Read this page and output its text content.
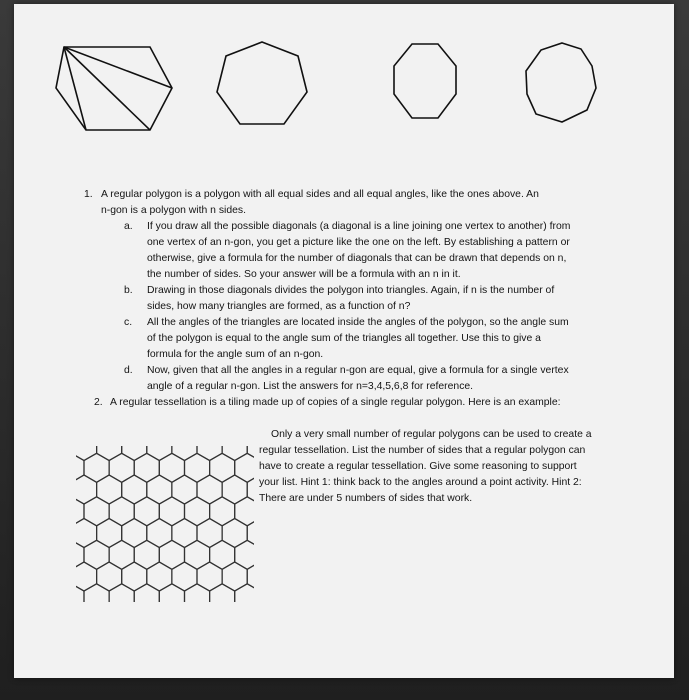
1. A regular polygon is a polygon with all equal sides and all equal angles, like the ones above. An
n-gon is a polygon with n sides.
a. If you draw all the possible diagonals (a diagonal is a line joining one vertex to another) from
one vertex of an n-gon, you get a picture like the one on the left. By establishing a pattern or
otherwise, give a formula for the number of diagonals that can be drawn that depends on n,
the number of sides. So your answer will be a formula with an n in it.
b. Drawing in those diagonals divides the polygon into triangles. Again, if n is the number of
sides, how many triangles are formed, as a function of n?
c. All the angles of the triangles are located inside the angles of the polygon, so the angle sum
of the polygon is equal to the angle sum of the triangles all together. Use this to give a
formula for the angle sum of an n-gon.
d. Now, given that all the angles in a regular n-gon are equal, give a formula for a single vertex
angle of a regular n-gon. List the answers for n=3,4,5,6,8 for reference.
2. A regular tessellation is a tiling made up of copies of a single regular polygon. Here is an example:
Only a very small number of regular polygons can be used to create a
regular tessellation. List the number of sides that a regular polygon can
have to create a regular tessellation. Give some reasoning to support
your list. Hint 1: think back to the angles around a point activity. Hint 2:
There are under 5 numbers of sides that work.
